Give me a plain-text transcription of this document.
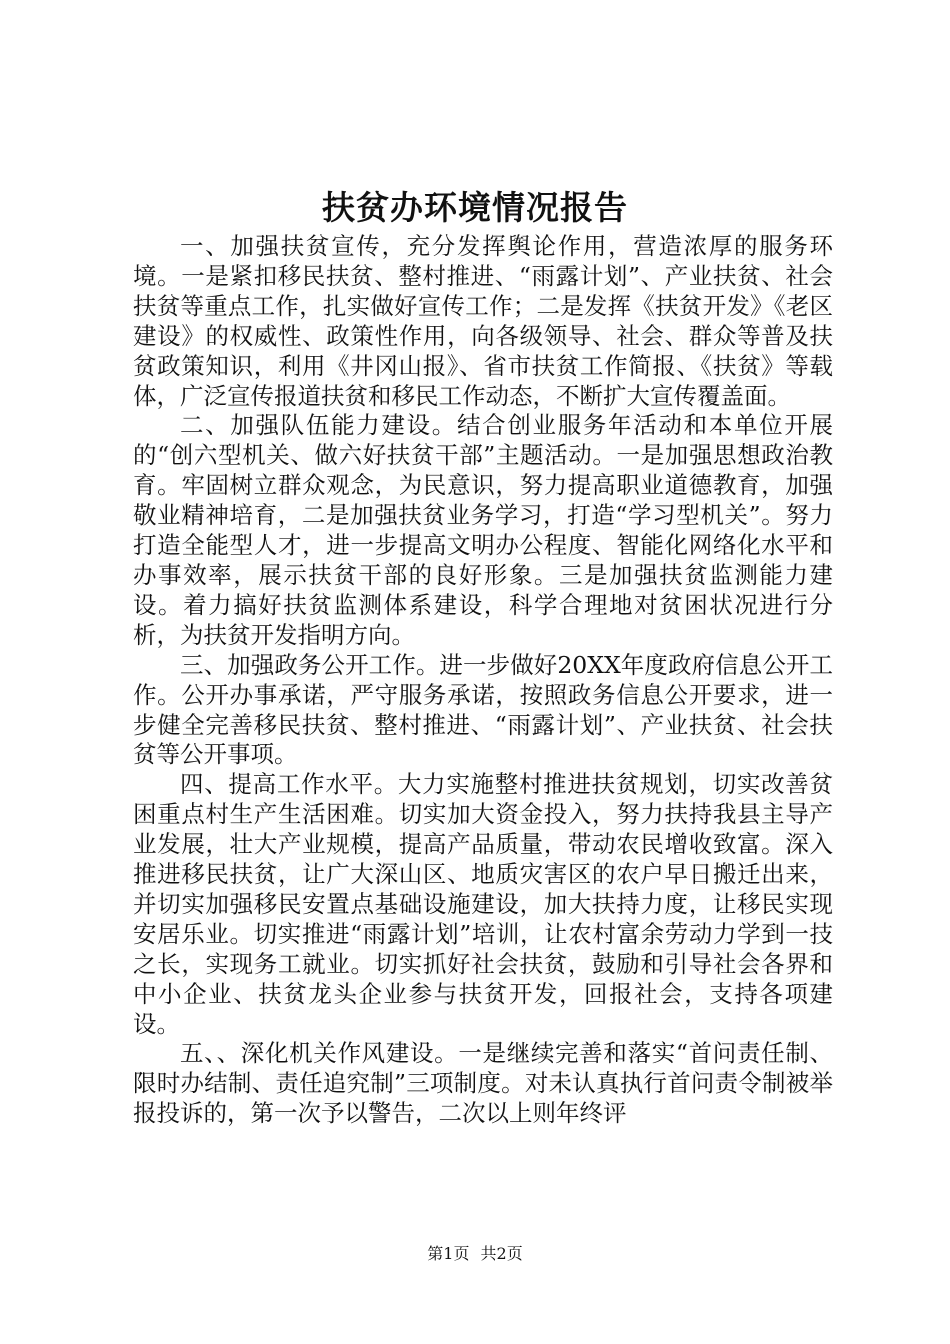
扶贫办环境情况报告

一、加强扶贫宣传，充分发挥舆论作用，营造浓厚的服务环境。一是紧扣移民扶贫、整村推进、“雨露计划”、产业扶贫、社会扶贫等重点工作，扎实做好宣传工作；二是发挥《扶贫开发》《老区建设》的权威性、政策性作用，向各级领导、社会、群众等普及扶贫政策知识，利用《井冈山报》、省市扶贫工作简报、《扶贫》等载体，广泛宣传报道扶贫和移民工作动态，不断扩大宣传覆盖面。

二、加强队伍能力建设。结合创业服务年活动和本单位开展的“创六型机关、做六好扶贫干部”主题活动。一是加强思想政治教育。牢固树立群众观念，为民意识，努力提高职业道德教育，加强敬业精神培育，二是加强扶贫业务学习，打造“学习型机关”。努力打造全能型人才，进一步提高文明办公程度、智能化网络化水平和办事效率，展示扶贫干部的良好形象。三是加强扶贫监测能力建设。着力搞好扶贫监测体系建设，科学合理地对贫困状况进行分析，为扶贫开发指明方向。

三、加强政务公开工作。进一步做好20XX年度政府信息公开工作。公开办事承诺，严守服务承诺，按照政务信息公开要求，进一步健全完善移民扶贫、整村推进、“雨露计划”、产业扶贫、社会扶贫等公开事项。

四、提高工作水平。大力实施整村推进扶贫规划，切实改善贫困重点村生产生活困难。切实加大资金投入，努力扶持我县主导产业发展，壮大产业规模，提高产品质量，带动农民增收致富。深入推进移民扶贫，让广大深山区、地质灾害区的农户早日搬迁出来，并切实加强移民安置点基础设施建设，加大扶持力度，让移民实现安居乐业。切实推进“雨露计划”培训，让农村富余劳动力学到一技之长，实现务工就业。切实抓好社会扶贫，鼓励和引导社会各界和中小企业、扶贫龙头企业参与扶贫开发，回报社会，支持各项建设。

五、、深化机关作风建设。一是继续完善和落实“首问责任制、限时办结制、责任追究制”三项制度。对未认真执行首问责令制被举报投诉的，第一次予以警告，二次以上则年终评

第1页 共2页
